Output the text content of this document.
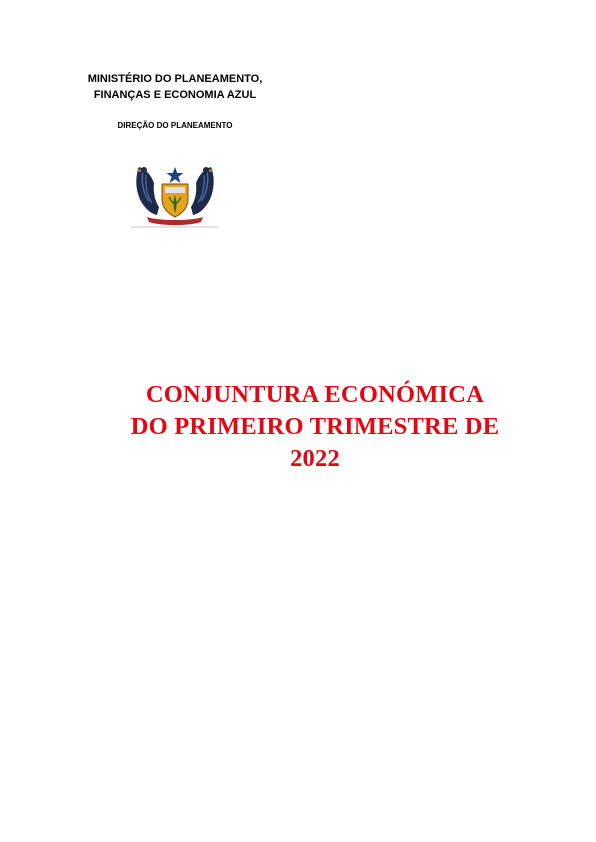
MINISTÉRIO DO PLANEAMENTO,
FINANÇAS E ECONOMIA AZUL
DIREÇÃO DO PLANEAMENTO
CONJUNTURA ECONÓMICA
DO PRIMEIRO TRIMESTRE DE
2022
